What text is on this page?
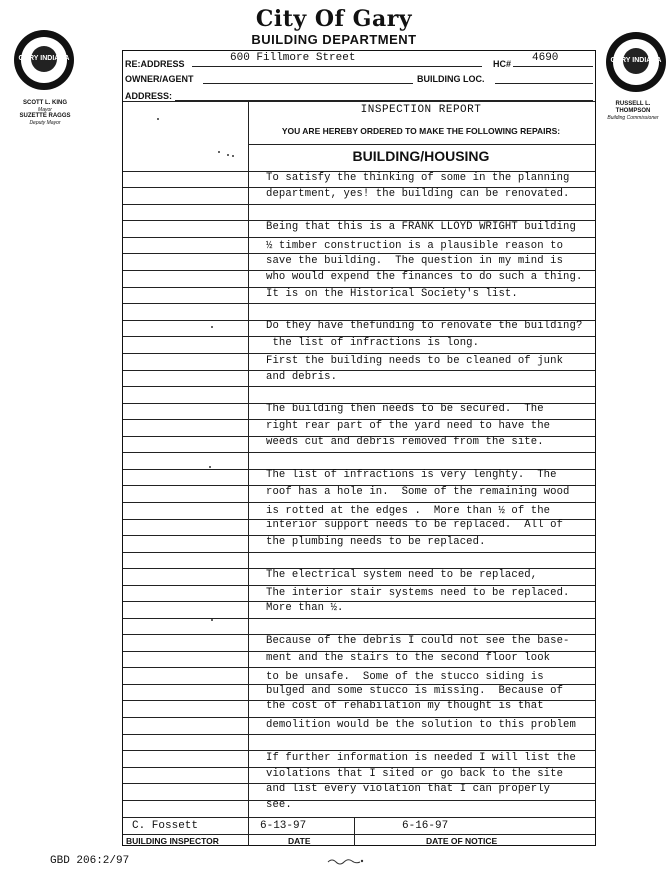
City Of Gary
BUILDING DEPARTMENT
GARY INDIANA
SCOTT L. KING
Mayor
SUZETTE RAGGS
Deputy Mayor
GARY INDIANA
RUSSELL L. THOMPSON
Building Commissioner
RE:ADDRESS	600 Fillmore Street	HC# 4690
OWNER/AGENT	BUILDING LOC.
ADDRESS:
INSPECTION REPORT
YOU ARE HEREBY ORDERED TO MAKE THE FOLLOWING REPAIRS:
BUILDING/HOUSING
To satisfy the thinking of some in the planning
department, yes! the building can be renovated.
Being that this is a FRANK LLOYD WRIGHT building
½ timber construction is a plausible reason to
save the building.  The question in my mind is
who would expend the finances to do such a thing.
It is on the Historical Society's list.
Do they have thefunding to renovate the building?
the list of infractions is long.
First the building needs to be cleaned of junk
and debris.
The building then needs to be secured.  The
right rear part of the yard need to have the
weeds cut and debris removed from the site.
The list of infractions is very lenghty.  The
roof has a hole in.  Some of the remaining wood
is rotted at the edges .  More than ½ of the
interior support needs to be replaced.  All of
the plumbing needs to be replaced.
The electrical system need to be replaced,
The interior stair systems need to be replaced.
More than ½.
Because of the debris I could not see the base-
ment and the stairs to the second floor look
to be unsafe.  Some of the stucco siding is
bulged and some stucco is missing.  Because of
the cost of rehabilation my thought is that
demolition would be the solution to this problem
If further information is needed I will list the
violations that I sited or go back to the site
and list every violation that I can properly
see.
C. Fossett	6-13-97	6-16-97
BUILDING INSPECTOR	DATE	DATE OF NOTICE
GBD 206:2/97
